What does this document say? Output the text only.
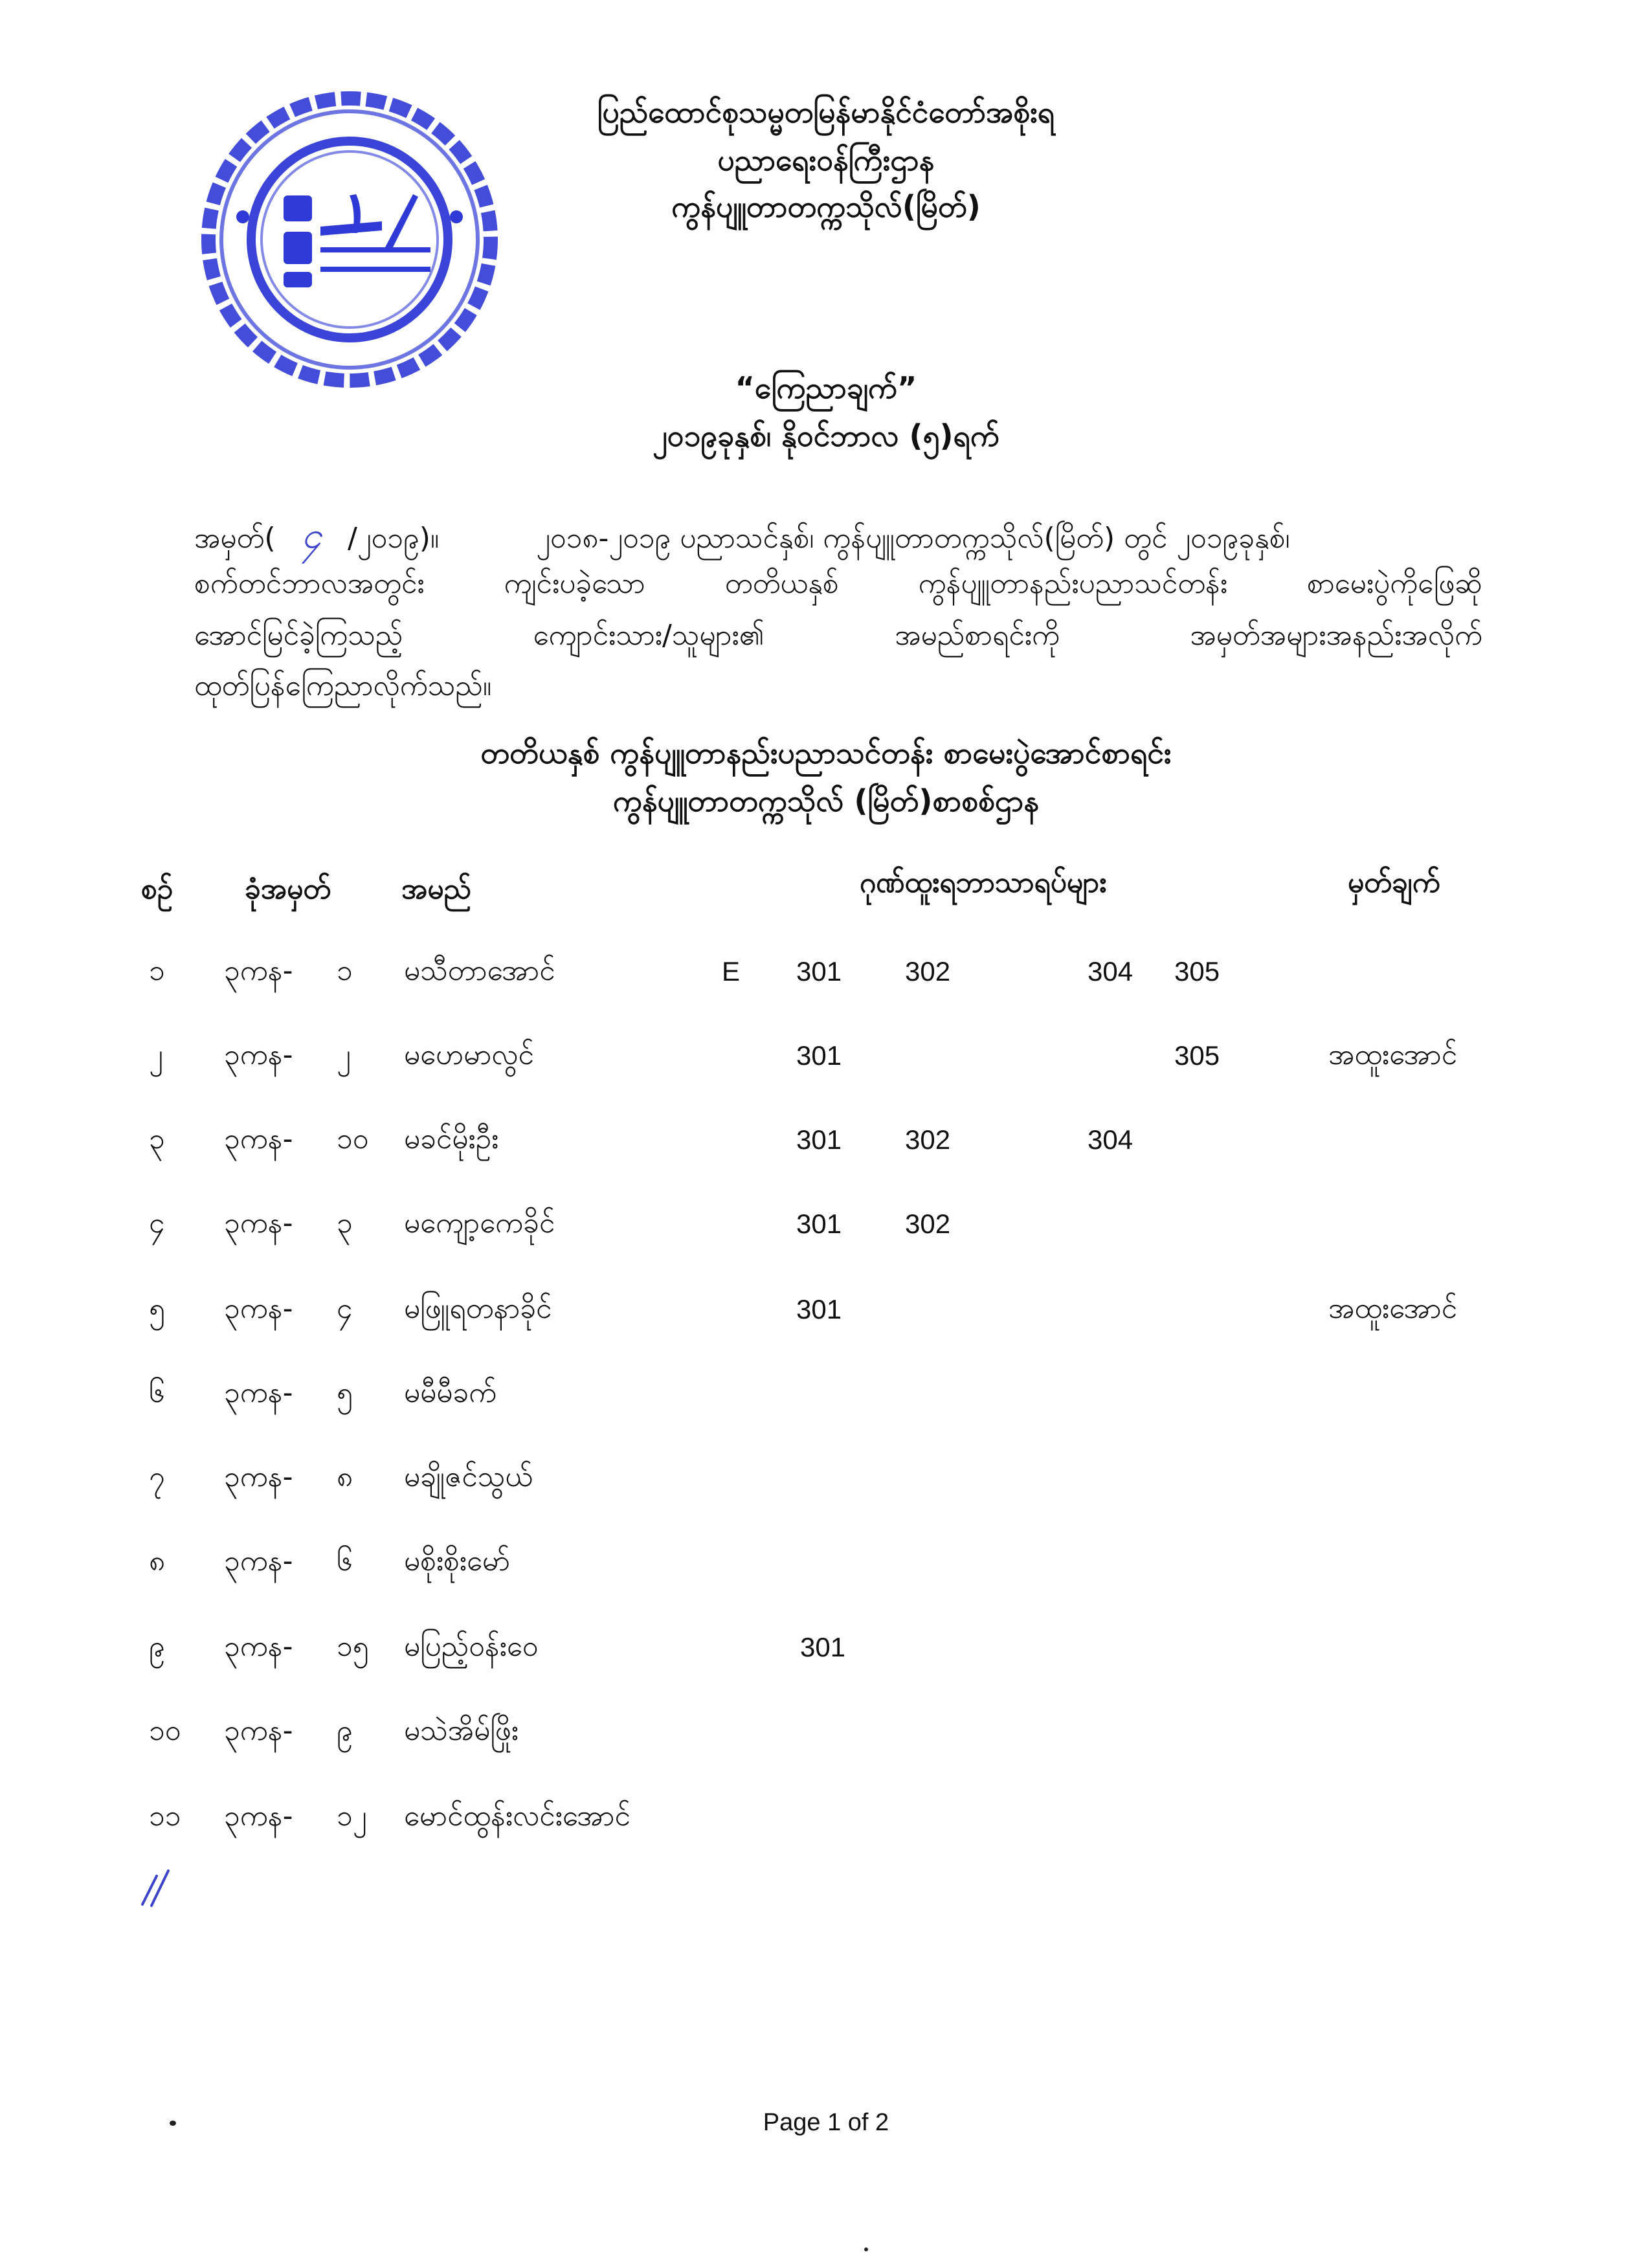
ပြည်ထောင်စုသမ္မတမြန်မာနိုင်ငံတော်အစိုးရ
ပညာရေးဝန်ကြီးဌာန
ကွန်ပျူတာတက္ကသိုလ်(မြိတ်)
“ကြေညာချက်”
၂၀၁၉ခုနှစ်၊ နိုဝင်ဘာလ (၅)ရက်
အမှတ်( ၄ /၂၀၁၉)။	၂၀၁၈-၂၀၁၉ ပညာသင်နှစ်၊ ကွန်ပျူတာတက္ကသိုလ်(မြိတ်) တွင် ၂၀၁၉ခုနှစ်၊
စက်တင်ဘာလအတွင်း	ကျင်းပခဲ့သော	တတိယနှစ်	ကွန်ပျူတာနည်းပညာသင်တန်း	စာမေးပွဲကိုဖြေဆို
အောင်မြင်ခဲ့ကြသည့်	ကျောင်းသား/သူများ၏	အမည်စာရင်းကို	အမှတ်အများအနည်းအလိုက်
ထုတ်ပြန်ကြေညာလိုက်သည်။
တတိယနှစ် ကွန်ပျူတာနည်းပညာသင်တန်း စာမေးပွဲအောင်စာရင်း
ကွန်ပျူတာတက္ကသိုလ် (မြိတ်)စာစစ်ဌာန
စဥ်	ခုံအမှတ် အမည်	ဂုဏ်ထူးရဘာသာရပ်များ	မှတ်ချက်
၁ ၃ကန- ၁ မသီတာအောင်	E 301 302	304 305
၂ ၃ကန- ၂ မဟေမာလွင်	301	305	အထူးအောင်
၃ ၃ကန- ၁၀ မခင်မိုးဦး	301 302	304
၄ ၃ကန- ၃ မကျော့ကေခိုင်	301 302
၅ ၃ကန- ၄ မဖြူရတနာခိုင်	301	အထူးအောင်
၆ ၃ကန- ၅ မမီမီခက်
၇ ၃ကန- ၈ မချိုဇင်သွယ်
၈ ၃ကန- ၆ မစိုးစိုးမော်
၉ ၃ကန- ၁၅ မပြည့်ဝန်းဝေ	301
၁၀ ၃ကန- ၉ မသဲအိမ်ဖြိုး
၁၁ ၃ကန- ၁၂ မောင်ထွန်းလင်းအောင်
Page 1 of 2
